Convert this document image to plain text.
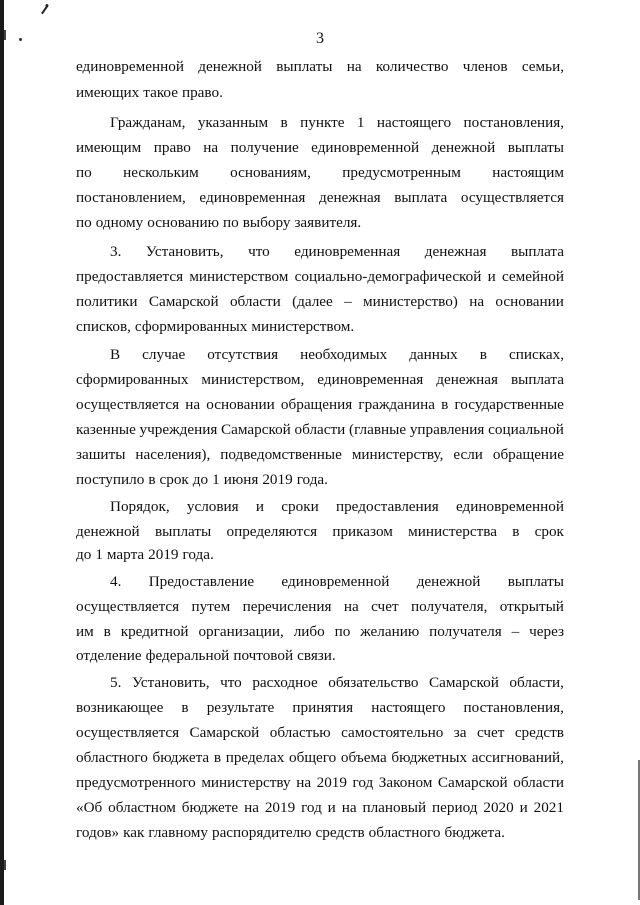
3
единовременной денежной выплаты на количество членов семьи,
имеющих такое право.
Гражданам, указанным в пункте 1 настоящего постановления,
имеющим право на получение единовременной денежной выплаты
по нескольким основаниям, предусмотренным настоящим
постановлением, единовременная денежная выплата осуществляется
по одному основанию по выбору заявителя.
3. Установить, что единовременная денежная выплата
предоставляется министерством социально-демографической и семейной
политики Самарской области (далее – министерство) на основании
списков, сформированных министерством.
В случае отсутствия необходимых данных в списках,
сформированных министерством, единовременная денежная выплата
осуществляется на основании обращения гражданина в государственные
казенные учреждения Самарской области (главные управления социальной
зашиты населения), подведомственные министерству, если обращение
поступило в срок до 1 июня 2019 года.
Порядок, условия и сроки предоставления единовременной
денежной выплаты определяются приказом министерства в срок
до 1 марта 2019 года.
4. Предоставление единовременной денежной выплаты
осуществляется путем перечисления на счет получателя, открытый
им в кредитной организации, либо по желанию получателя – через
отделение федеральной почтовой связи.
5. Установить, что расходное обязательство Самарской области,
возникающее в результате принятия настоящего постановления,
осуществляется Самарской областью самостоятельно за счет средств
областного бюджета в пределах общего объема бюджетных ассигнований,
предусмотренного министерству на 2019 год Законом Самарской области
«Об областном бюджете на 2019 год и на плановый период 2020 и 2021
годов» как главному распорядителю средств областного бюджета.
